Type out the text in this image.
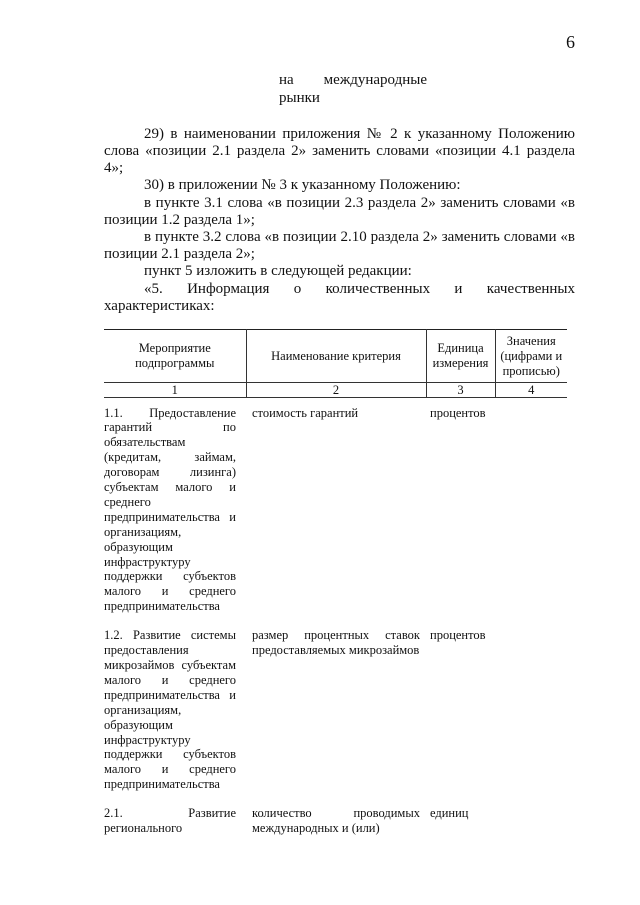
6
на        международные
рынки

29) в наименовании приложения № 2 к указанному Положению слова «позиции 2.1 раздела 2» заменить словами «позиции 4.1 раздела 4»;

30) в приложении № 3 к указанному Положению:

в пункте 3.1 слова «в позиции 2.3 раздела 2» заменить словами «в позиции 1.2 раздела 1»;

в пункте 3.2 слова «в позиции 2.10 раздела 2» заменить словами «в позиции 2.1 раздела 2»;

пункт 5 изложить в следующей редакции:

«5. Информация о количественных и качественных характеристиках:

Мероприятие подпрограммы	Наименование критерия	Единица измерения	Значения (цифрами и прописью)
1	2	3	4

1.1. Предоставление гарантий по обязательствам (кредитам, займам, договорам лизинга) субъектам малого и среднего предпринимательства и организациям, образующим инфраструктуру поддержки субъектов малого и среднего предпринимательства	стоимость гарантий	процентов	

1.2. Развитие системы предоставления микрозаймов субъектам малого и среднего предпринимательства и организациям, образующим инфраструктуру поддержки субъектов малого и среднего предпринимательства	размер процентных ставок предоставляемых микрозаймов	процентов	

2.1. Развитие регионального	количество проводимых международных и (или)	единиц	
